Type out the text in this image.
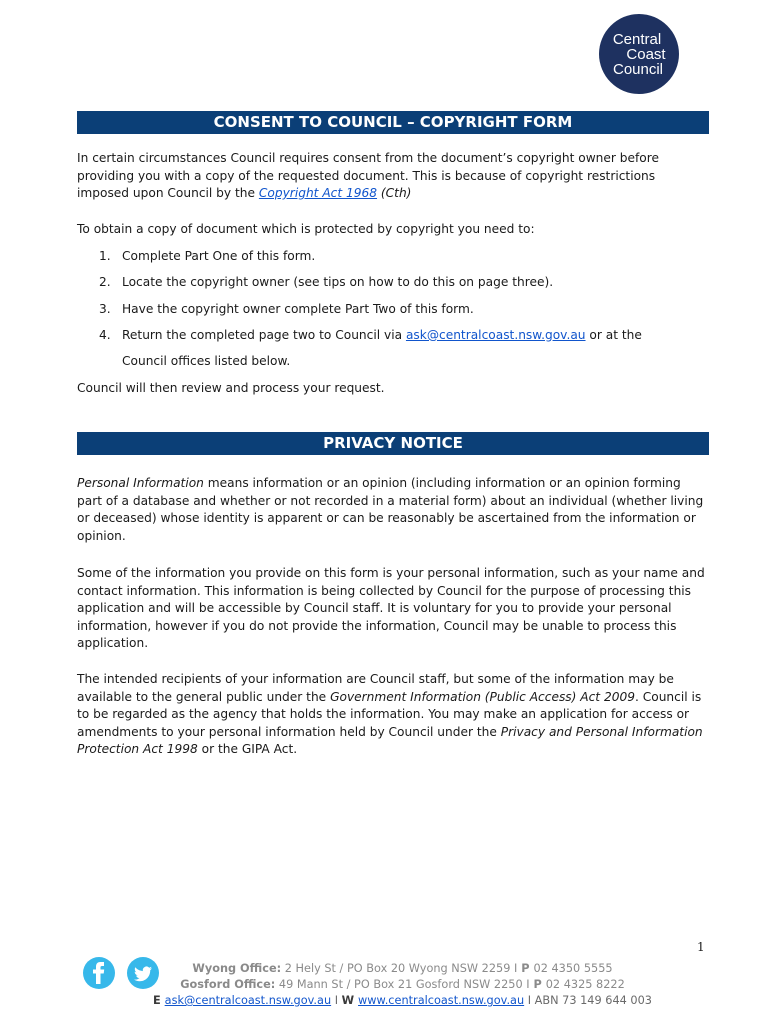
Central
Coast
Council
CONSENT TO COUNCIL – COPYRIGHT FORM
In certain circumstances Council requires consent from the document’s copyright owner before providing you with a copy of the requested document. This is because of copyright restrictions imposed upon Council by the Copyright Act 1968 (Cth)
To obtain a copy of document which is protected by copyright you need to:
1. Complete Part One of this form.
2. Locate the copyright owner (see tips on how to do this on page three).
3. Have the copyright owner complete Part Two of this form.
4. Return the completed page two to Council via ask@centralcoast.nsw.gov.au or at the
Council offices listed below.
Council will then review and process your request.
PRIVACY NOTICE
Personal Information means information or an opinion (including information or an opinion forming part of a database and whether or not recorded in a material form) about an individual (whether living or deceased) whose identity is apparent or can be reasonably be ascertained from the information or opinion.
Some of the information you provide on this form is your personal information, such as your name and contact information. This information is being collected by Council for the purpose of processing this application and will be accessible by Council staff. It is voluntary for you to provide your personal information, however if you do not provide the information, Council may be unable to process this application.
The intended recipients of your information are Council staff, but some of the information may be available to the general public under the Government Information (Public Access) Act 2009. Council is to be regarded as the agency that holds the information. You may make an application for access or amendments to your personal information held by Council under the Privacy and Personal Information Protection Act 1998 or the GIPA Act.
1
Wyong Office: 2 Hely St / PO Box 20 Wyong NSW 2259 I P 02 4350 5555
Gosford Office: 49 Mann St / PO Box 21 Gosford NSW 2250 I P 02 4325 8222
E ask@centralcoast.nsw.gov.au I W www.centralcoast.nsw.gov.au I ABN 73 149 644 003
